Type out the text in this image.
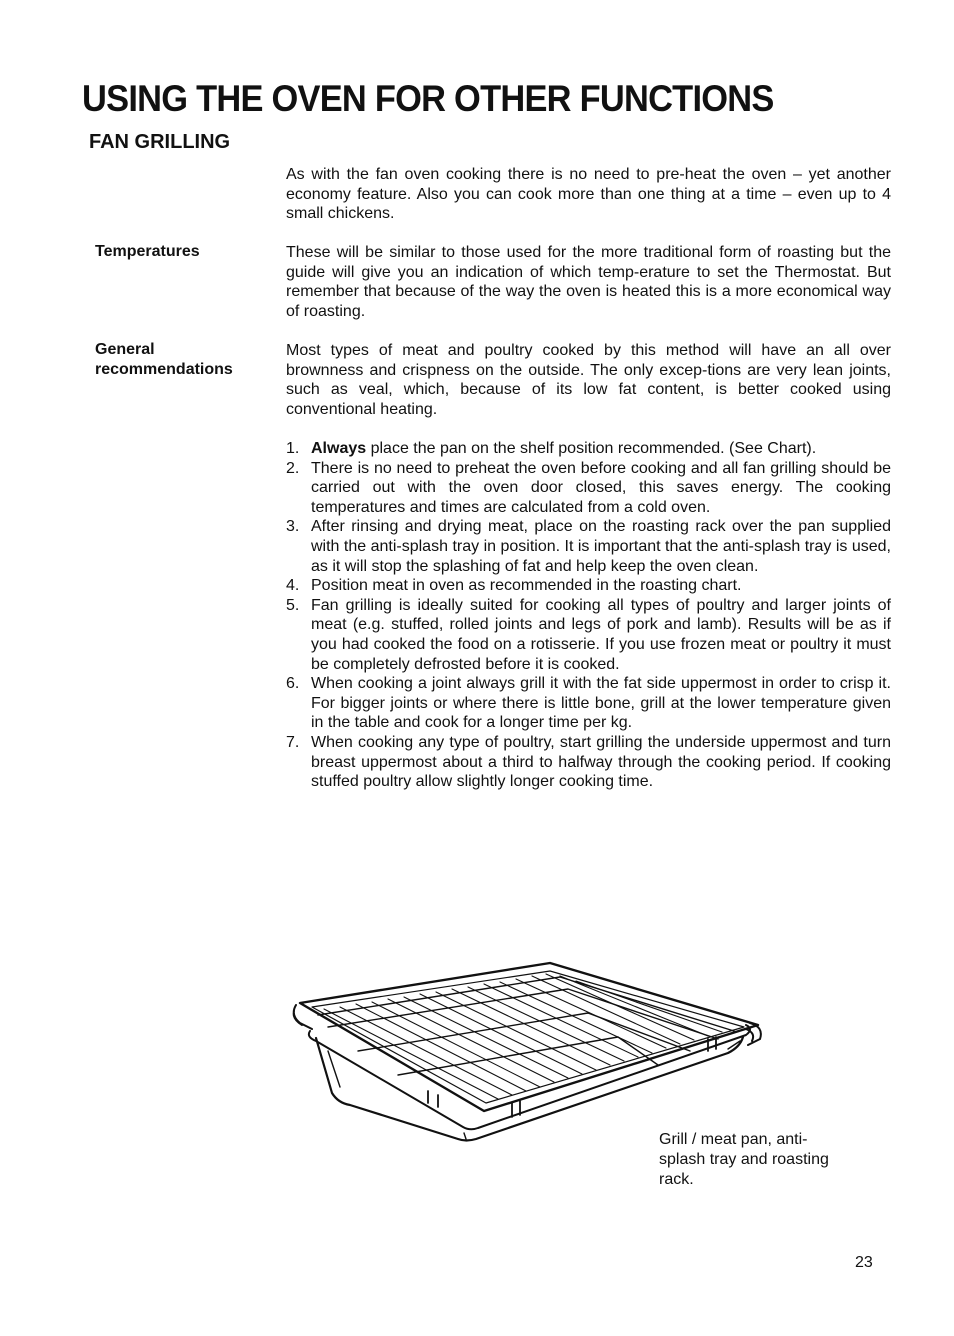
USING THE OVEN FOR OTHER FUNCTIONS
FAN GRILLING

As with the fan oven cooking there is no need to pre-heat the oven – yet another economy feature. Also you can cook more than one thing at a time – even up to 4 small chickens.

Temperatures	These will be similar to those used for the more traditional form of roasting but the guide will give you an indication of which temp-erature to set the Thermostat. But remember that because of the way the oven is heated this is a more economical way of roasting.

General
recommendations

Most types of meat and poultry cooked by this method will have an all over brownness and crispness on the outside. The only excep-tions are very lean joints, such as veal, which, because of its low fat content, is better cooked using conventional heating.

1. Always place the pan on the shelf position recommended. (See Chart).
2. There is no need to preheat the oven before cooking and all fan grilling should be carried out with the oven door closed, this saves energy. The cooking temperatures and times are calculated from a cold oven.
3. After rinsing and drying meat, place on the roasting rack over the pan supplied with the anti-splash tray in position. It is important that the anti-splash tray is used, as it will stop the splashing of fat and help keep the oven clean.
4. Position meat in oven as recommended in the roasting chart.
5. Fan grilling is ideally suited for cooking all types of poultry and larger joints of meat (e.g. stuffed, rolled joints and legs of pork and lamb). Results will be as if you had cooked the food on a rotisserie. If you use frozen meat or poultry it must be completely defrosted before it is cooked.
6. When cooking a joint always grill it with the fat side uppermost in order to crisp it. For bigger joints or where there is little bone, grill at the lower temperature given in the table and cook for a longer time per kg.
7. When cooking any type of poultry, start grilling the underside uppermost and turn breast uppermost about a third to halfway through the cooking period. If cooking stuffed poultry allow slightly longer cooking time.
Grill / meat pan, anti-splash tray and roasting rack.
23
